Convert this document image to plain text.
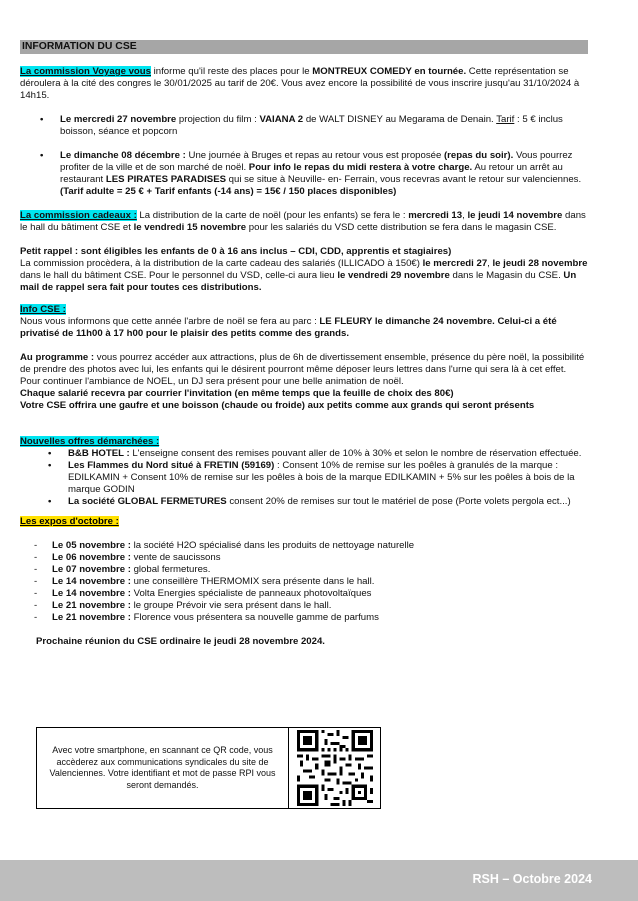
INFORMATION DU CSE

La commission Voyage vous informe qu'il reste des places pour le MONTREUX COMEDY en tournée. Cette représentation se déroulera à la cité des congres le 30/01/2025 au tarif de 20€. Vous avez encore la possibilité de vous inscrire jusqu'au 31/10/2024 à 14h15.

• Le mercredi 27 novembre projection du film : VAIANA 2 de WALT DISNEY au Megarama de Denain. Tarif : 5 € inclus boisson, séance et popcorn
• Le dimanche 08 décembre : Une journée à Bruges et repas au retour vous est proposée (repas du soir). Vous pourrez profiter de la ville et de son marché de noël. Pour info le repas du midi restera à votre charge. Au retour un arrêt au restaurant LES PIRATES PARADISES qui se situe à Neuville- en- Ferrain, vous recevras avant le retour sur valenciennes. (Tarif adulte = 25 € + Tarif enfants (-14 ans) = 15€ / 150 places disponibles)

La commission cadeaux : La distribution de la carte de noël (pour les enfants) se fera le : mercredi 13, le jeudi 14 novembre dans le hall du bâtiment CSE et le vendredi 15 novembre pour les salariés du VSD cette distribution se fera dans le magasin CSE.

Petit rappel : sont éligibles les enfants de 0 à 16 ans inclus – CDI, CDD, apprentis et stagiaires)

La commission procèdera, à la distribution de la carte cadeau des salariés (ILLICADO à 150€) le mercredi 27, le jeudi 28 novembre dans le hall du bâtiment CSE. Pour le personnel du VSD, celle-ci aura lieu le vendredi 29 novembre dans le Magasin du CSE. Un mail de rappel sera fait pour toutes ces distributions.

Info CSE :

Nous vous informons que cette année l'arbre de noël se fera au parc : LE FLEURY le dimanche 24 novembre. Celui-ci a été privatisé de 11h00 à 17 h00 pour le plaisir des petits comme des grands.

Au programme : vous pourrez accéder aux attractions, plus de 6h de divertissement ensemble, présence du père noël, la possibilité de prendre des photos avec lui, les enfants qui le désirent pourront même déposer leurs lettres dans l'urne qui sera là à cet effet.

Pour continuer l'ambiance de NOEL, un DJ sera présent pour une belle animation de noël.

Chaque salarié recevra par courrier l'invitation (en même temps que la feuille de choix des 80€)

Votre CSE offrira une gaufre et une boisson (chaude ou froide) aux petits comme aux grands qui seront présents

Nouvelles offres démarchées :

• B&B HOTEL : L'enseigne consent des remises pouvant aller de 10% à 30% et selon le nombre de réservation effectuée.
• Les Flammes du Nord situé à FRETIN (59169) : Consent 10% de remise sur les poêles à granulés de la marque : EDILKAMIN + Consent 10% de remise sur les poêles à bois de la marque EDILKAMIN + 5% sur les poêles à bois de la marque GODIN
• La société GLOBAL FERMETURES consent 20% de remises sur tout le matériel de pose (Porte volets pergola ect...)

Les expos d'octobre :

- Le 05 novembre : la société H2O spécialisé dans les produits de nettoyage naturelle
- Le 06 novembre : vente de saucissons
- Le 07 novembre : global fermetures.
- Le 14 novembre : une conseillère THERMOMIX sera présente dans le hall.
- Le 14 novembre : Volta Energies spécialiste de panneaux photovoltaïques
- Le 21 novembre : le groupe Prévoir vie sera présent dans le hall.
- Le 21 novembre : Florence vous présentera sa nouvelle gamme de parfums

Prochaine réunion du CSE ordinaire le jeudi 28 novembre 2024.

Avec votre smartphone, en scannant ce QR code, vous accèderez aux communications syndicales du site de Valenciennes. Votre identifiant et mot de passe RPI vous seront demandés.
RSH – Octobre 2024
